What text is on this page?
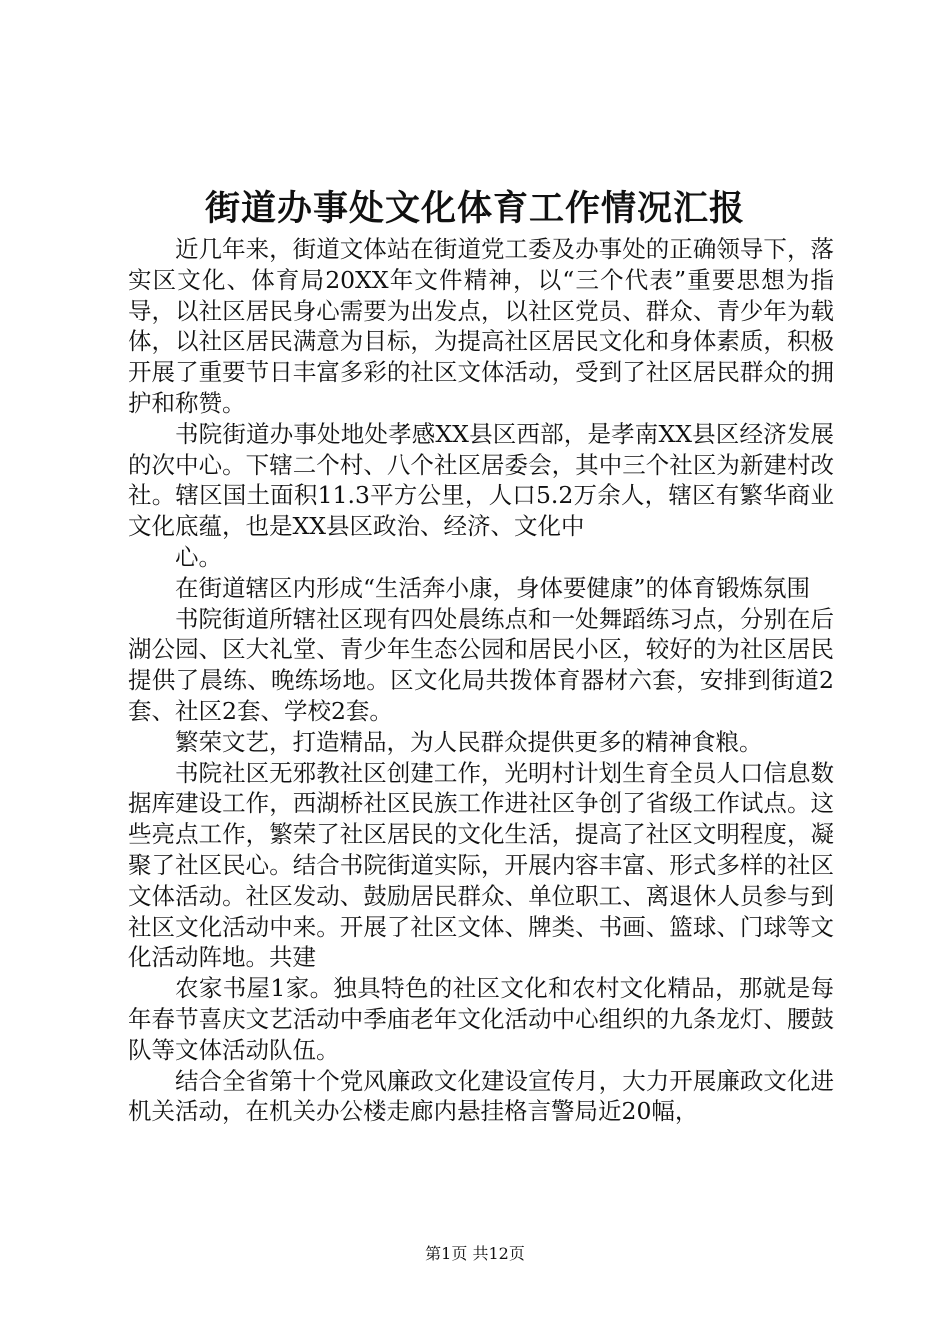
街道办事处文化体育工作情况汇报

近几年来，街道文体站在街道党工委及办事处的正确领导下，落实区文化、体育局20XX年文件精神，以“三个代表”重要思想为指导，以社区居民身心需要为出发点，以社区党员、群众、青少年为载体，以社区居民满意为目标，为提高社区居民文化和身体素质，积极开展了重要节日丰富多彩的社区文体活动，受到了社区居民群众的拥护和称赞。

书院街道办事处地处孝感XX县区西部，是孝南XX县区经济发展的次中心。下辖二个村、八个社区居委会，其中三个社区为新建村改社。辖区国土面积11.3平方公里，人口5.2万余人，辖区有繁华商业文化底蕴，也是XX县区政治、经济、文化中

心。

在街道辖区内形成“生活奔小康，身体要健康”的体育锻炼氛围

书院街道所辖社区现有四处晨练点和一处舞蹈练习点，分别在后湖公园、区大礼堂、青少年生态公园和居民小区，较好的为社区居民提供了晨练、晚练场地。区文化局共拨体育器材六套，安排到街道2套、社区2套、学校2套。

繁荣文艺，打造精品，为人民群众提供更多的精神食粮。

书院社区无邪教社区创建工作，光明村计划生育全员人口信息数据库建设工作，西湖桥社区民族工作进社区争创了省级工作试点。这些亮点工作，繁荣了社区居民的文化生活，提高了社区文明程度，凝聚了社区民心。结合书院街道实际，开展内容丰富、形式多样的社区文体活动。社区发动、鼓励居民群众、单位职工、离退休人员参与到社区文化活动中来。开展了社区文体、牌类、书画、篮球、门球等文化活动阵地。共建

农家书屋1家。独具特色的社区文化和农村文化精品，那就是每年春节喜庆文艺活动中季庙老年文化活动中心组织的九条龙灯、腰鼓队等文体活动队伍。

结合全省第十个党风廉政文化建设宣传月，大力开展廉政文化进机关活动，在机关办公楼走廊内悬挂格言警局近20幅，

第1页 共12页
